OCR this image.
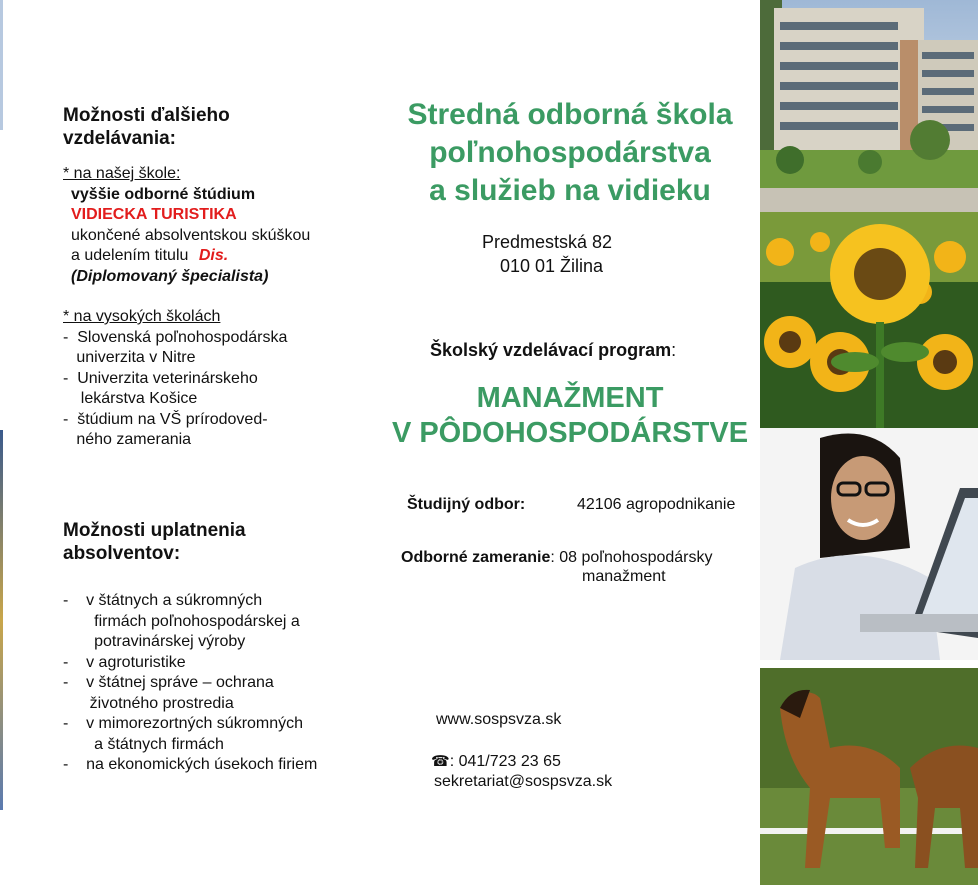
Možnosti ďalšieho
vzdelávania:
* na našej škole:
vyššie odborné štúdium
VIDIECKA TURISTIKA
ukončené absolventskou skúškou
a udelením titulu Dis.
(Diplomovaný špecialista)
* na vysokých školách
-  Slovenská poľnohospodárska
univerzita v Nitre
-  Univerzita veterinárskeho
lekárstva Košice
-  štúdium na VŠ prírodoved-
ného zamerania
Možnosti uplatnenia
absolventov:
-    v štátnych a súkromných
firmách poľnohospodárskej a
potravinárskej výroby
-    v agroturistike
-    v štátnej správe – ochrana
životného prostredia
-    v mimorezortných súkromných
a štátnych firmách
-    na ekonomických úsekoch firiem
Stredná odborná škola
poľnohospodárstva
a služieb na vidieku
Predmestská 82
010 01 Žilina
Školský vzdelávací program:
MANAŽMENT
V PÔDOHOSPODÁRSTVE
Študijný odbor:	42106 agropodnikanie
Odborné zameranie: 08 poľnohospodársky
manažment
www.sospsvza.sk
☎: 041/723 23 65
sekretariat@sospsvza.sk
